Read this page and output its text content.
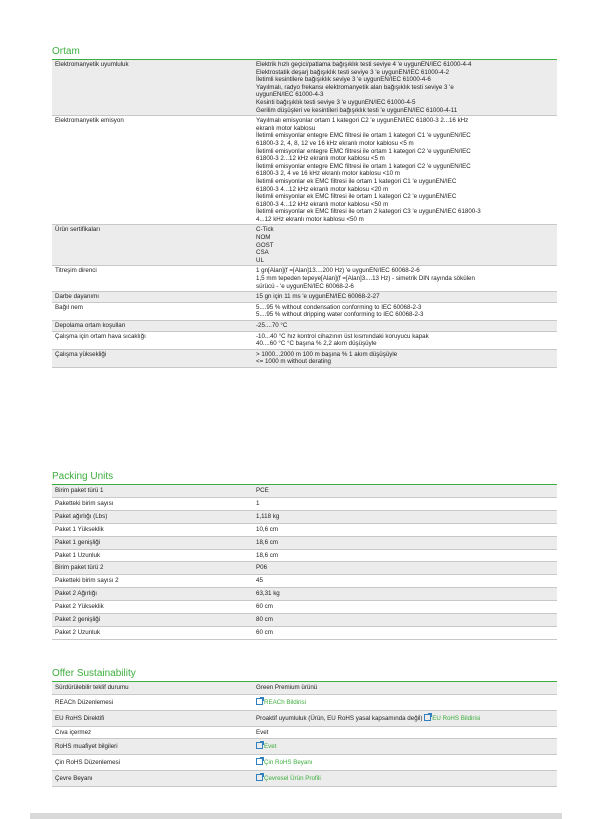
Ortam
Elektromanyetik uyumluluk	Elektrik hızlı geçici/patlama bağışıklık testi seviye 4 'e uygunEN/IEC 61000-4-4
Elektrostatik deşarj bağışıklık testi seviye 3 'e uygunEN/IEC 61000-4-2
İletimli kesintilere bağışıklık seviye 3 'e uygunEN/IEC 61000-4-6
Yayılmalı, radyo frekansı elektromanyetik alan bağışıklık testi seviye 3 'e
uygunEN/IEC 61000-4-3
Kesinti bağışıklık testi seviye 3 'e uygunEN/IEC 61000-4-5
Gerilim düşüşleri ve kesintileri bağışıklık testi 'e uygunEN/IEC 61000-4-11
Elektromanyetik emisyon	Yayılmalı emisyonlar ortam 1 kategori C2 'e uygunEN/IEC 61800-3 2...16 kHz
ekranlı motor kablosu
İletimli emisyonlar entegre EMC filtresi ile ortam 1 kategori C1 'e uygunEN/IEC
61800-3 2, 4, 8, 12 ve 16 kHz ekranlı motor kablosu <5 m
İletimli emisyonlar entegre EMC filtresi ile ortam 1 kategori C2 'e uygunEN/IEC
61800-3 2...12 kHz ekranlı motor kablosu <5 m
İletimli emisyonlar entegre EMC filtresi ile ortam 1 kategori C2 'e uygunEN/IEC
61800-3 2, 4 ve 16 kHz ekranlı motor kablosu <10 m
İletimli emisyonlar ek EMC filtresi ile ortam 1 kategori C1 'e uygunEN/IEC
61800-3 4...12 kHz ekranlı motor kablosu <20 m
İletimli emisyonlar ek EMC filtresi ile ortam 1 kategori C2 'e uygunEN/IEC
61800-3 4...12 kHz ekranlı motor kablosu <50 m
İletimli emisyonlar ek EMC filtresi ile ortam 2 kategori C3 'e uygunEN/IEC 61800-3
4...12 kHz ekranlı motor kablosu <50 m
Ürün sertifikaları	C-Tick
NOM
GOST
CSA
UL
Titreşim direnci	1 gn[Alan](f =[Alan]13....200 Hz) 'e uygunEN/IEC 60068-2-6
1,5 mm tepeden tepeye[Alan](f =[Alan]3....13 Hz) - simetrik DIN rayında sökülen
sürücü - 'e uygunEN/IEC 60068-2-6
Darbe dayanımı	15 gn için 11 ms 'e uygunEN/IEC 60068-2-27
Bağıl nem	5....95 % without condensation conforming to IEC 60068-2-3
5....95 % without dripping water conforming to IEC 60068-2-3
Depolama ortam koşulları	-25....70 °C
Çalışma için ortam hava sıcaklığı	-10...40 °C hız kontrol cihazının üst kısmındaki koruyucu kapak
40....60 °C °C başına % 2,2 akım düşüşüyle
Çalışma yüksekliği	> 1000...2000 m 100 m başına % 1 akım düşüşüyle
<= 1000 m without derating
Packing Units
Birim paket türü 1	PCE
Paketteki birim sayısı	1
Paket ağırlığı (Lbs)	1,118 kg
Paket 1 Yükseklik	10,6 cm
Paket 1 genişliği	18,6 cm
Paket 1 Uzunluk	18,6 cm
Birim paket türü 2	P06
Paketteki birim sayısı 2	45
Paket 2 Ağırlığı	63,31 kg
Paket 2 Yükseklik	60 cm
Paket 2 genişliği	80 cm
Paket 2 Uzunluk	60 cm
Offer Sustainability
Sürdürülebilir teklif durumu	Green Premium ürünü
REACh Düzenlemesi	REACh Bildirisi
EU RoHS Direktifi	Proaktif uyumluluk (Ürün, EU RoHS yasal kapsamında değil) EU RoHS Bildirisi
Cıva içermez	Evet
RoHS muafiyet bilgileri	Evet
Çin RoHS Düzenlemesi	Çin RoHS Beyanı
Çevre Beyanı	Çevresel Ürün Profili
